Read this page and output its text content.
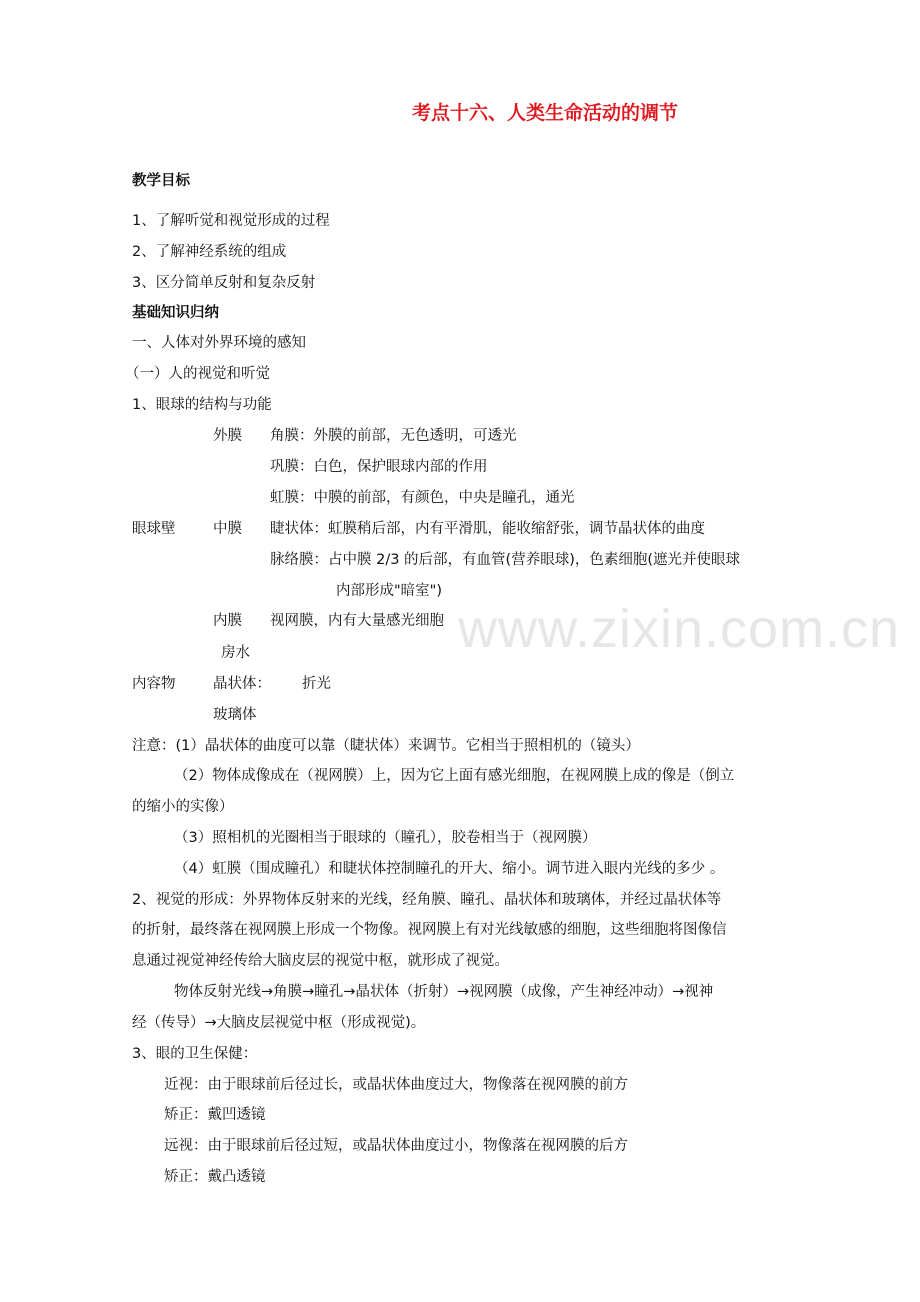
www.zixin.com.cn
考点十六、人类生命活动的调节
教学目标
1、了解听觉和视觉形成的过程
2、了解神经系统的组成
3、区分简单反射和复杂反射
基础知识归纳
一、人体对外界环境的感知
（一）人的视觉和听觉
1、眼球的结构与功能
外膜 角膜：外膜的前部，无色透明，可透光
巩膜：白色，保护眼球内部的作用
虹膜：中膜的前部，有颜色，中央是瞳孔，通光
眼球壁	中膜 睫状体：虹膜稍后部，内有平滑肌，能收缩舒张，调节晶状体的曲度
脉络膜：占中膜 2/3 的后部，有血管(营养眼球)，色素细胞(遮光并使眼球
内部形成"暗室")
内膜 视网膜，内有大量感光细胞
房水
内容物	晶状体： 折光
玻璃体
注意：(1）晶状体的曲度可以靠（睫状体）来调节。它相当于照相机的（镜头）
（2）物体成像成在（视网膜）上，因为它上面有感光细胞，在视网膜上成的像是（倒立
的缩小的实像）
（3）照相机的光圈相当于眼球的（瞳孔），胶卷相当于（视网膜）
（4）虹膜（围成瞳孔）和睫状体控制瞳孔的开大、缩小。调节进入眼内光线的多少 。
2、视觉的形成：外界物体反射来的光线，经角膜、瞳孔、晶状体和玻璃体，并经过晶状体等
的折射，最终落在视网膜上形成一个物像。视网膜上有对光线敏感的细胞，这些细胞将图像信
息通过视觉神经传给大脑皮层的视觉中枢，就形成了视觉。
物体反射光线→角膜→瞳孔→晶状体（折射）→视网膜（成像，产生神经冲动）→视神
经（传导）→大脑皮层视觉中枢（形成视觉)。
3、眼的卫生保健：
近视：由于眼球前后径过长，或晶状体曲度过大，物像落在视网膜的前方
矫正：戴凹透镜
远视：由于眼球前后径过短，或晶状体曲度过小，物像落在视网膜的后方
矫正：戴凸透镜
